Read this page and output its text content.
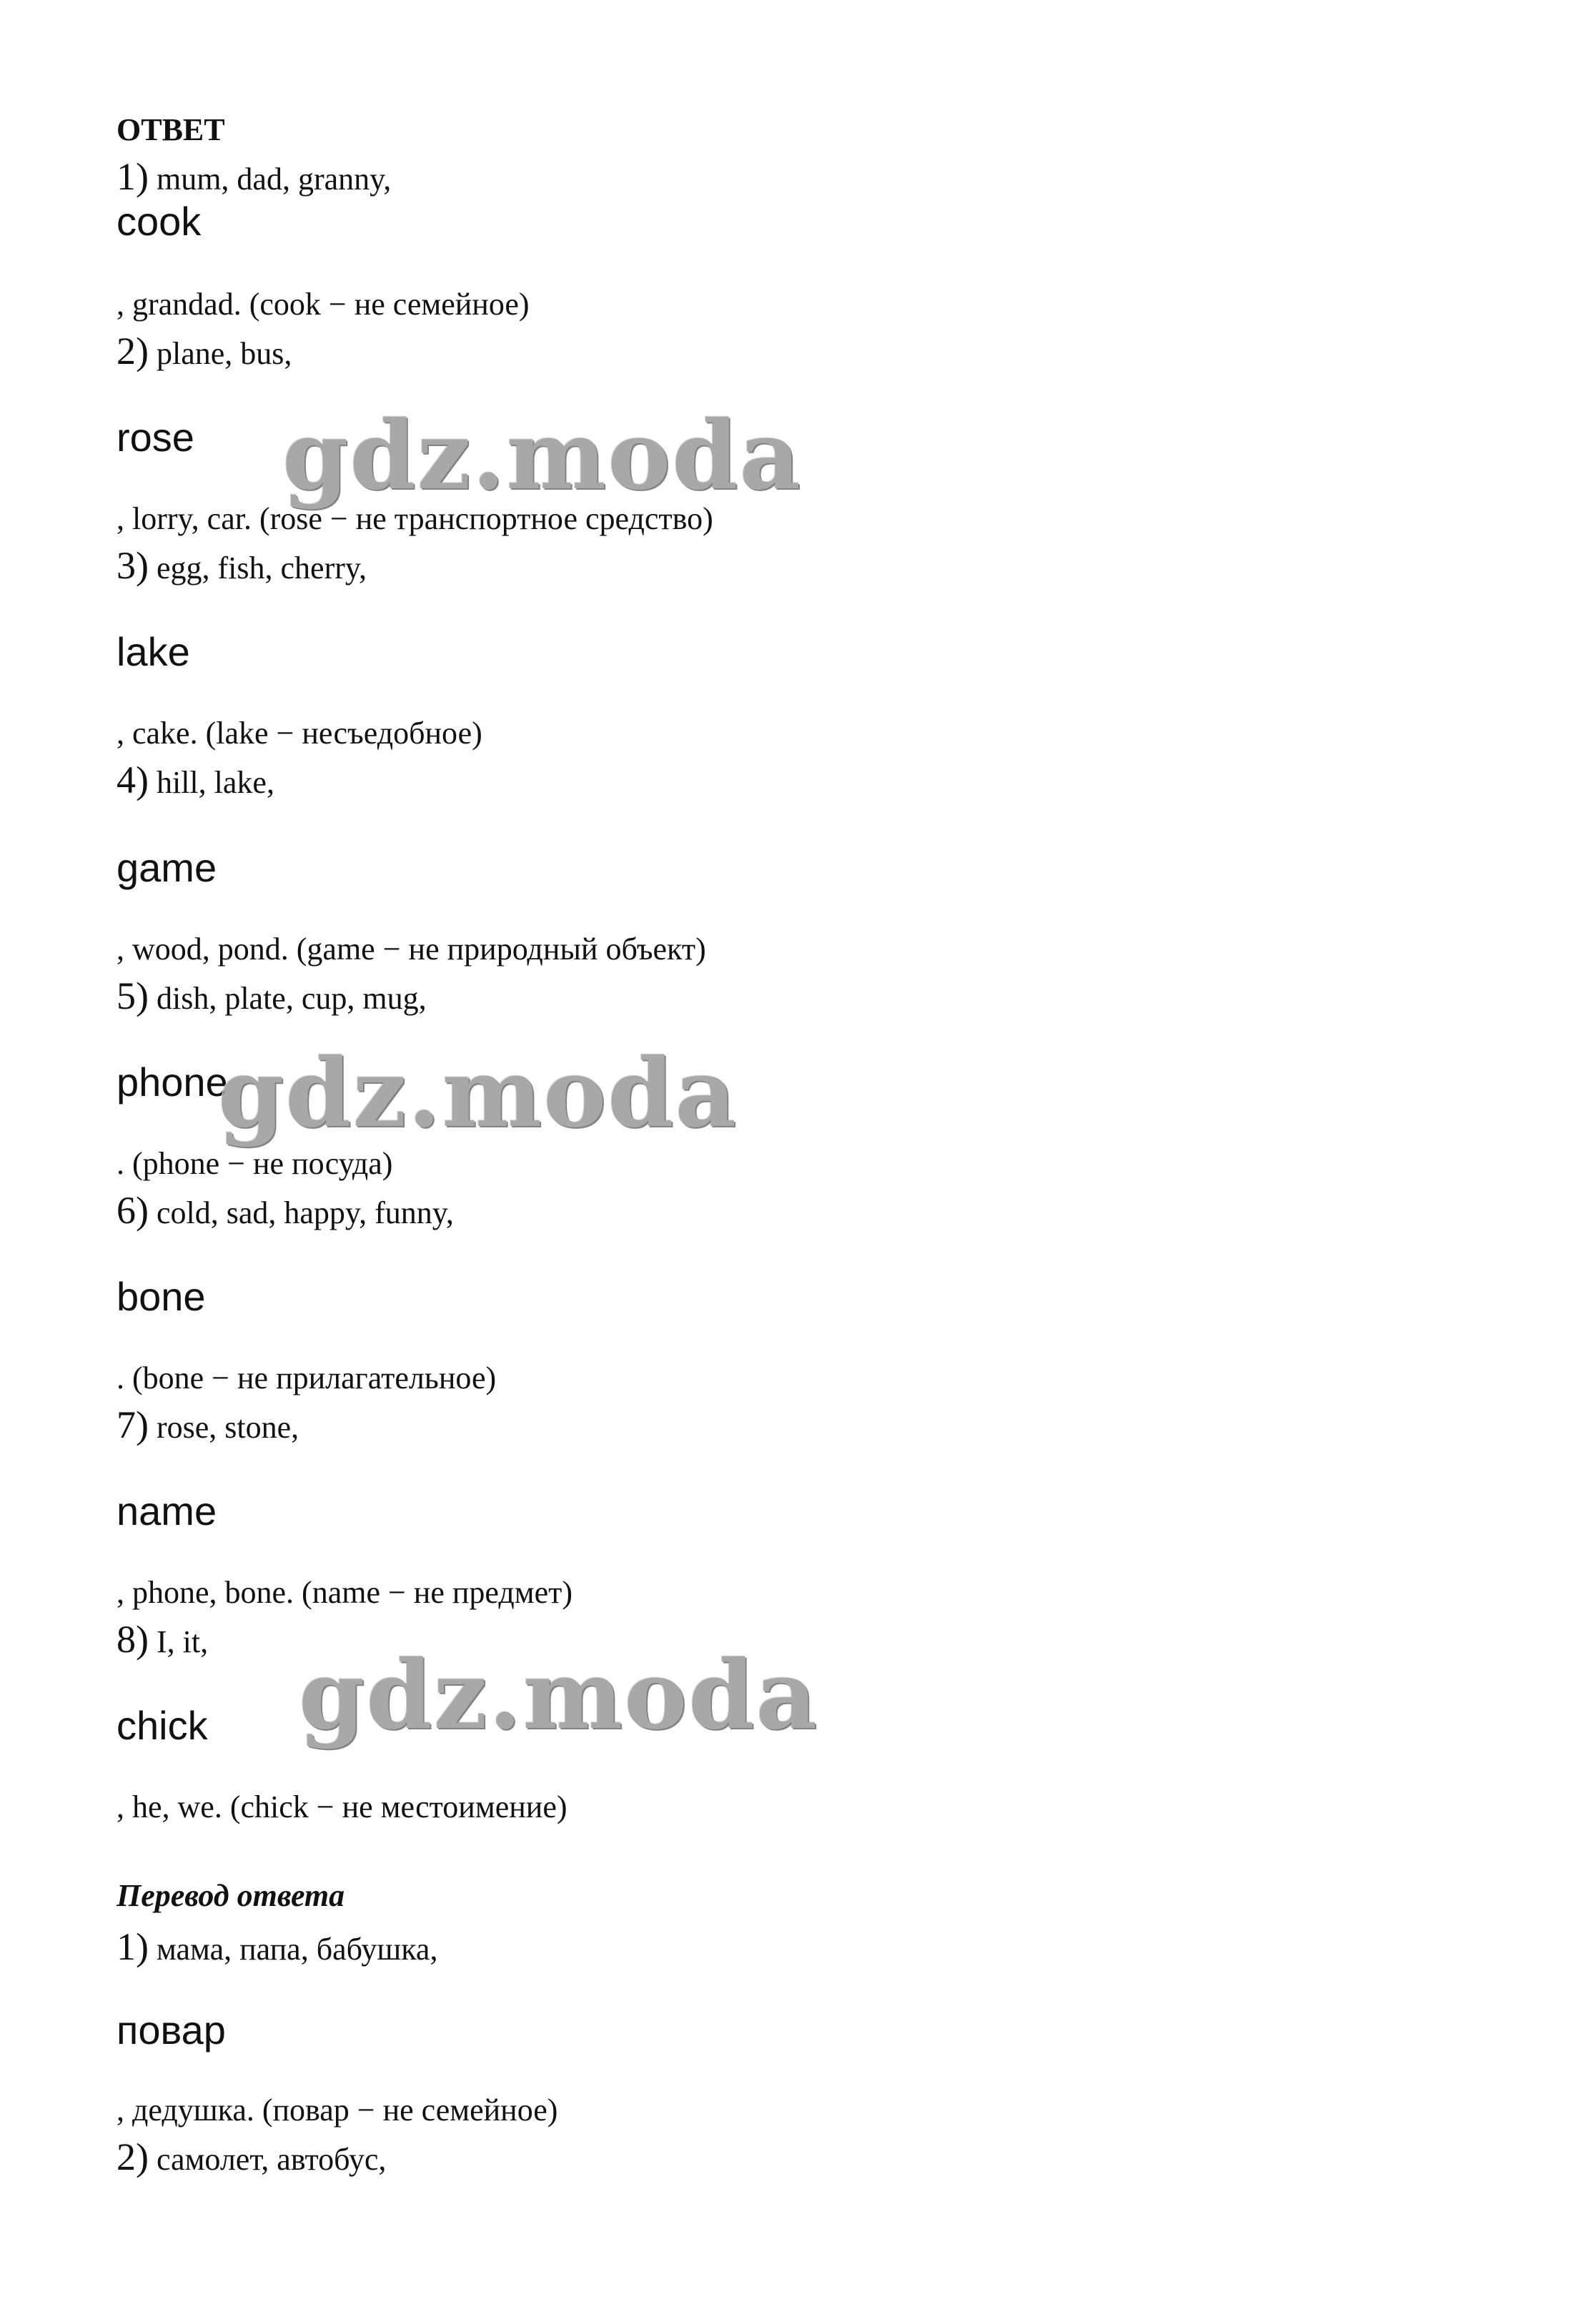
ОТВЕТ
1) mum, dad, granny,
cook
, grandad. (cook − не семейное)
2) plane, bus,
rose
, lorry, car. (rose − не транспортное средство)
3) egg, fish, cherry,
lake
, cake. (lake − несъедобное)
4) hill, lake,
game
, wood, pond. (game − не природный объект)
5) dish, plate, cup, mug,
phone
. (phone − не посуда)
6) cold, sad, happy, funny,
bone
. (bone − не прилагательное)
7) rose, stone,
name
, phone, bone. (name − не предмет)
8) I, it,
chick
, he, we. (chick − не местоимение)
Перевод ответа
1) мама, папа, бабушка,
повар
, дедушка. (повар − не семейное)
2) самолет, автобус,
gdz.moda
gdz.moda
gdz.moda
